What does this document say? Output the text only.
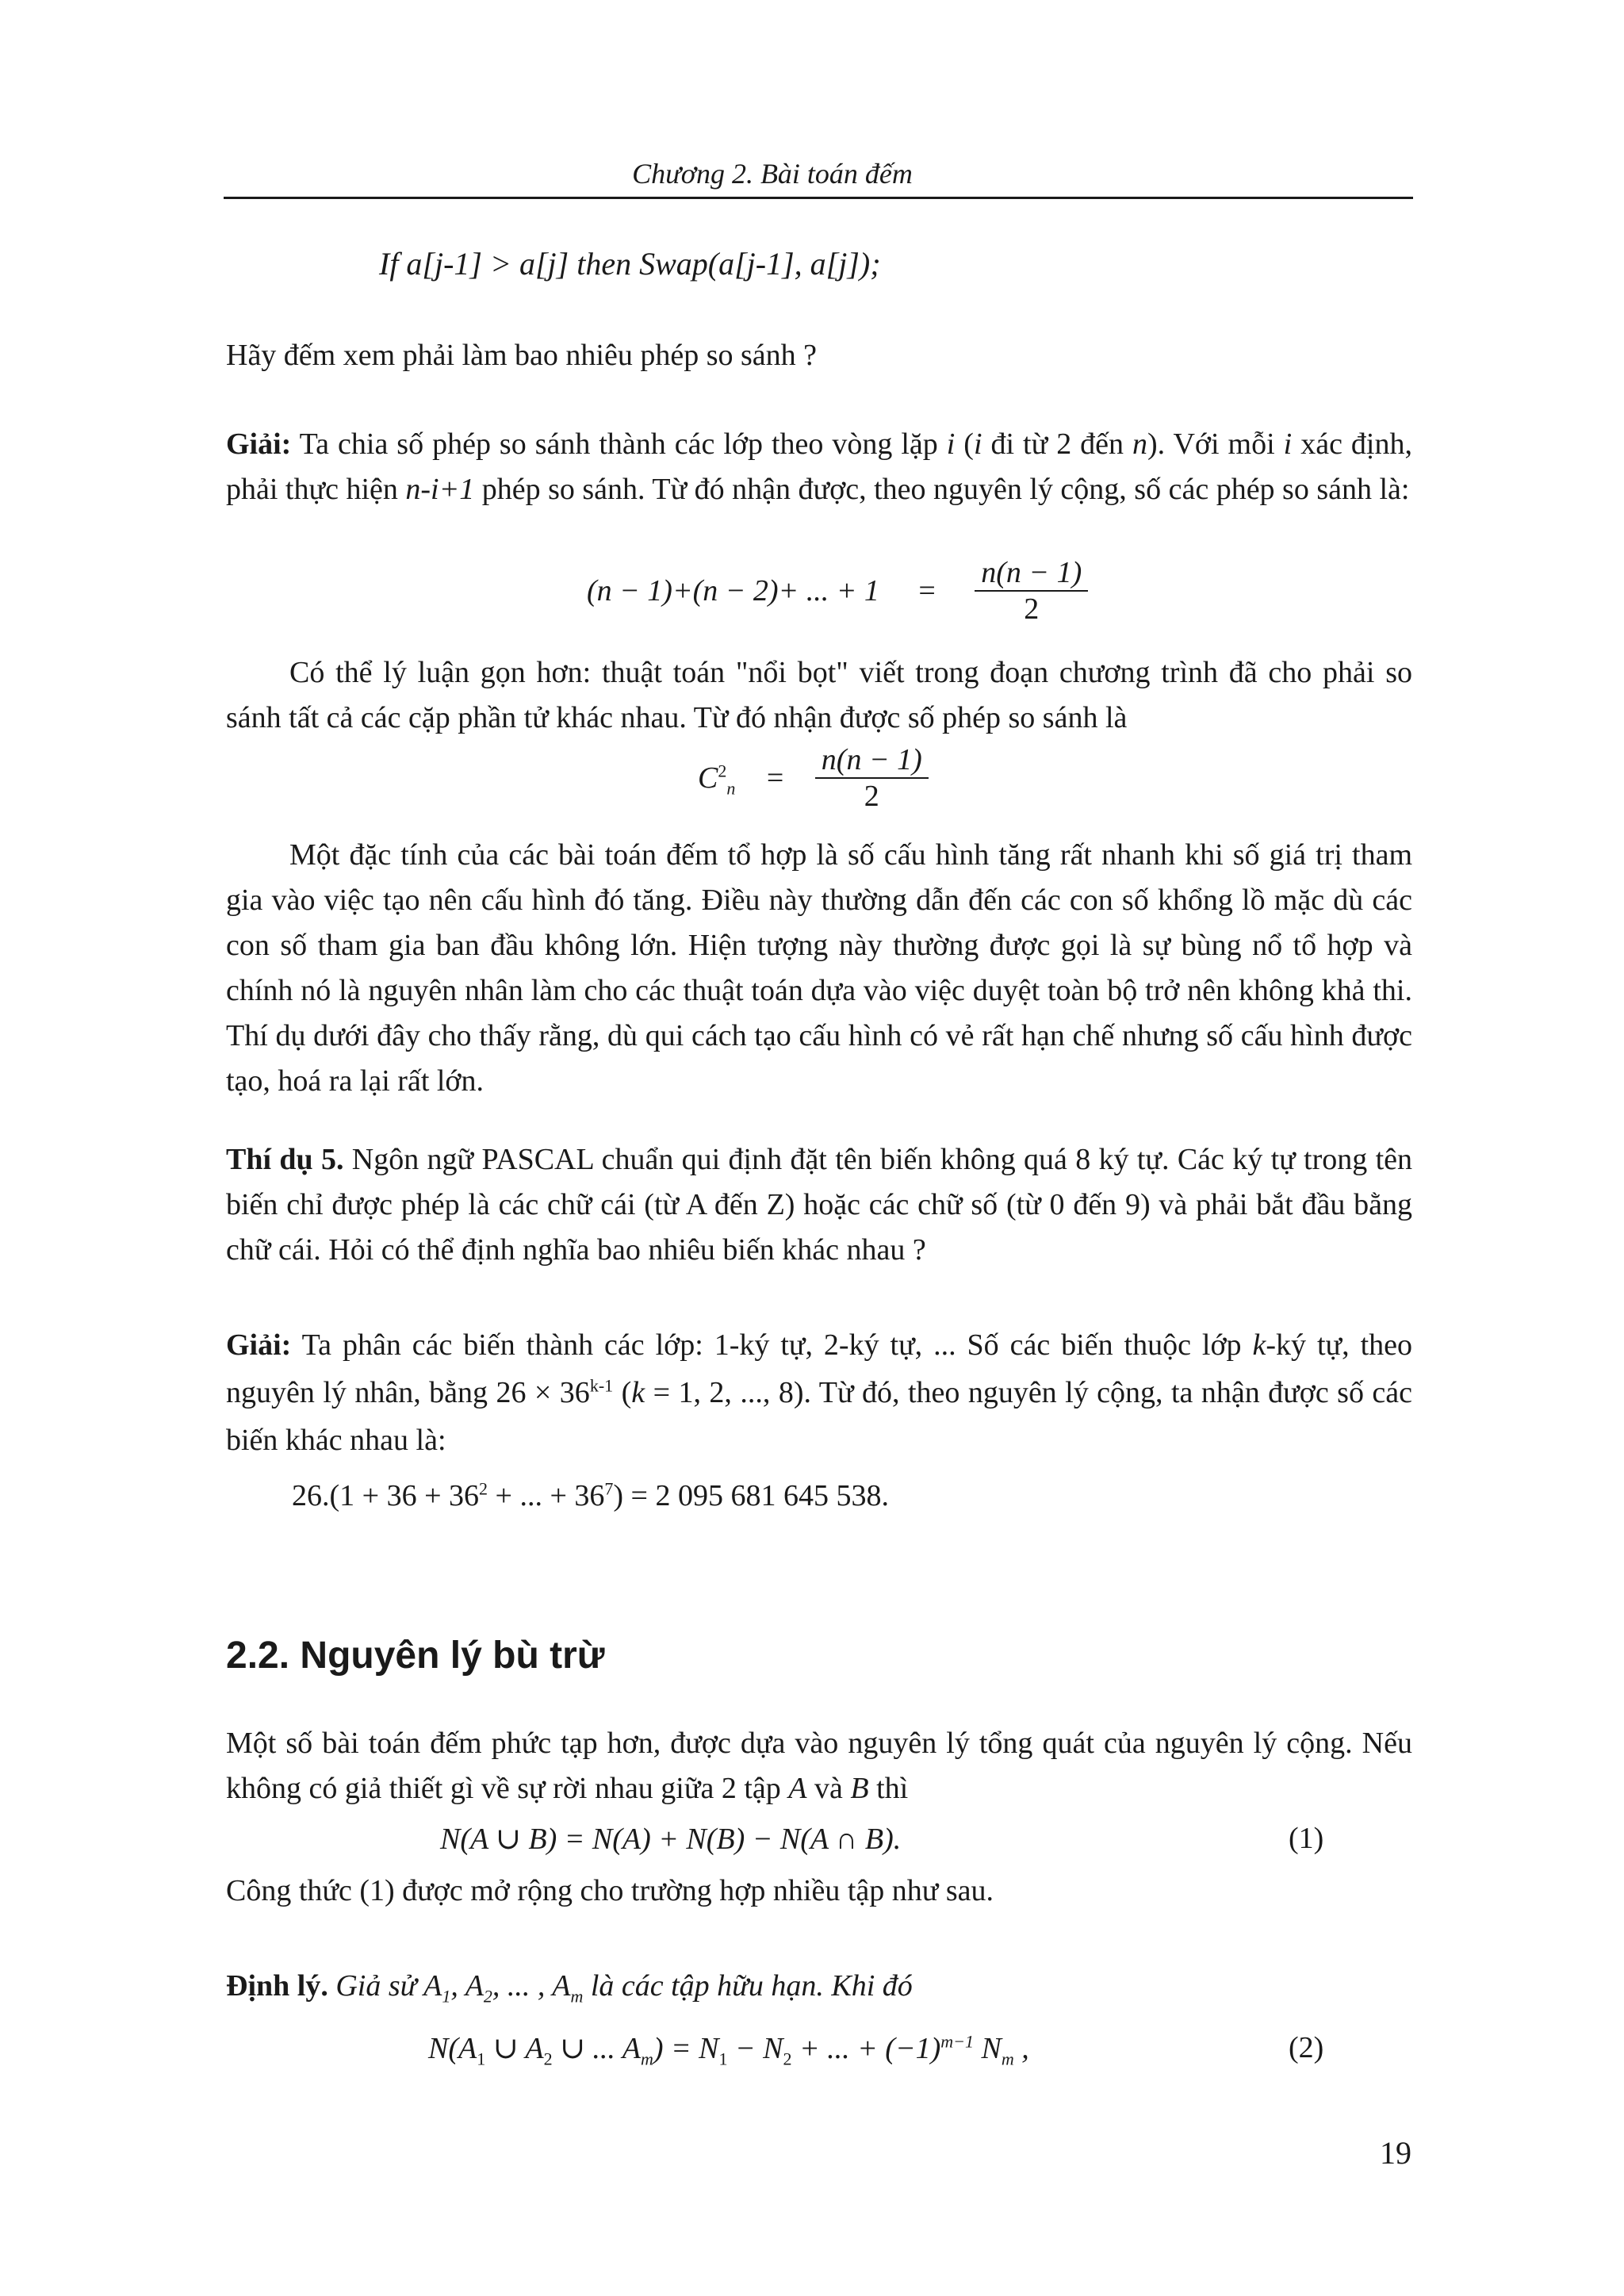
Chương 2. Bài toán đếm
If a[j-1] > a[j] then Swap(a[j-1], a[j]);
Hãy đếm xem phải làm bao nhiêu phép so sánh ?
Giải: Ta chia số phép so sánh thành các lớp theo vòng lặp i (i đi từ 2 đến n). Với mỗi i xác định, phải thực hiện n-i+1 phép so sánh. Từ đó nhận được, theo nguyên lý cộng, số các phép so sánh là:
(n − 1)+(n − 2)+ ... + $1 = \frac{n(n - 1)}{2}$
Có thể lý luận gọn hơn: thuật toán "nổi bọt" viết trong đoạn chương trình đã cho phải so sánh tất cả các cặp phần tử khác nhau. Từ đó nhận được số phép so sánh là
$C^2_n = \frac{n(n - 1)}{2}$
Một đặc tính của các bài toán đếm tổ hợp là số cấu hình tăng rất nhanh khi số giá trị tham gia vào việc tạo nên cấu hình đó tăng. Điều này thường dẫn đến các con số khổng lồ mặc dù các con số tham gia ban đầu không lớn. Hiện tượng này thường được gọi là sự bùng nổ tổ hợp và chính nó là nguyên nhân làm cho các thuật toán dựa vào việc duyệt toàn bộ trở nên không khả thi. Thí dụ dưới đây cho thấy rằng, dù qui cách tạo cấu hình có vẻ rất hạn chế nhưng số cấu hình được tạo, hoá ra lại rất lớn.
Thí dụ 5. Ngôn ngữ PASCAL chuẩn qui định đặt tên biến không quá 8 ký tự. Các ký tự trong tên biến chỉ được phép là các chữ cái (từ A đến Z) hoặc các chữ số (từ 0 đến 9) và phải bắt đầu bằng chữ cái. Hỏi có thể định nghĩa bao nhiêu biến khác nhau ?
Giải: Ta phân các biến thành các lớp: 1-ký tự, 2-ký tự, ... Số các biến thuộc lớp k-ký tự, theo nguyên lý nhân, bằng $26 \times 36^{k-1}$ (k = 1, 2, ..., 8). Từ đó, theo nguyên lý cộng, ta nhận được số các biến khác nhau là:
$26.(1 + 36 + 36^2$ + ... + $36^7) = 2$ 095 681 645 538.
2.2. Nguyên lý bù trừ
Một số bài toán đếm phức tạp hơn, được dựa vào nguyên lý tổng quát của nguyên lý cộng. Nếu không có giả thiết gì về sự rời nhau giữa 2 tập A và B thì
N(A ∪ B) = N(A) + N(B) − N(A ∩ B).	(1)
Công thức (1) được mở rộng cho trường hợp nhiều tập như sau.
Định lý. Giả sử $A_1$, $A_2$, ... , $A_m$ là các tập hữu hạn. Khi đó
$N(A_1$ ∪ $A_2$ ∪ ... $A_m) = N_1 - N_2$ + ... + $(-1)^{m-1}$ $N_m$ ,	(2)
19
